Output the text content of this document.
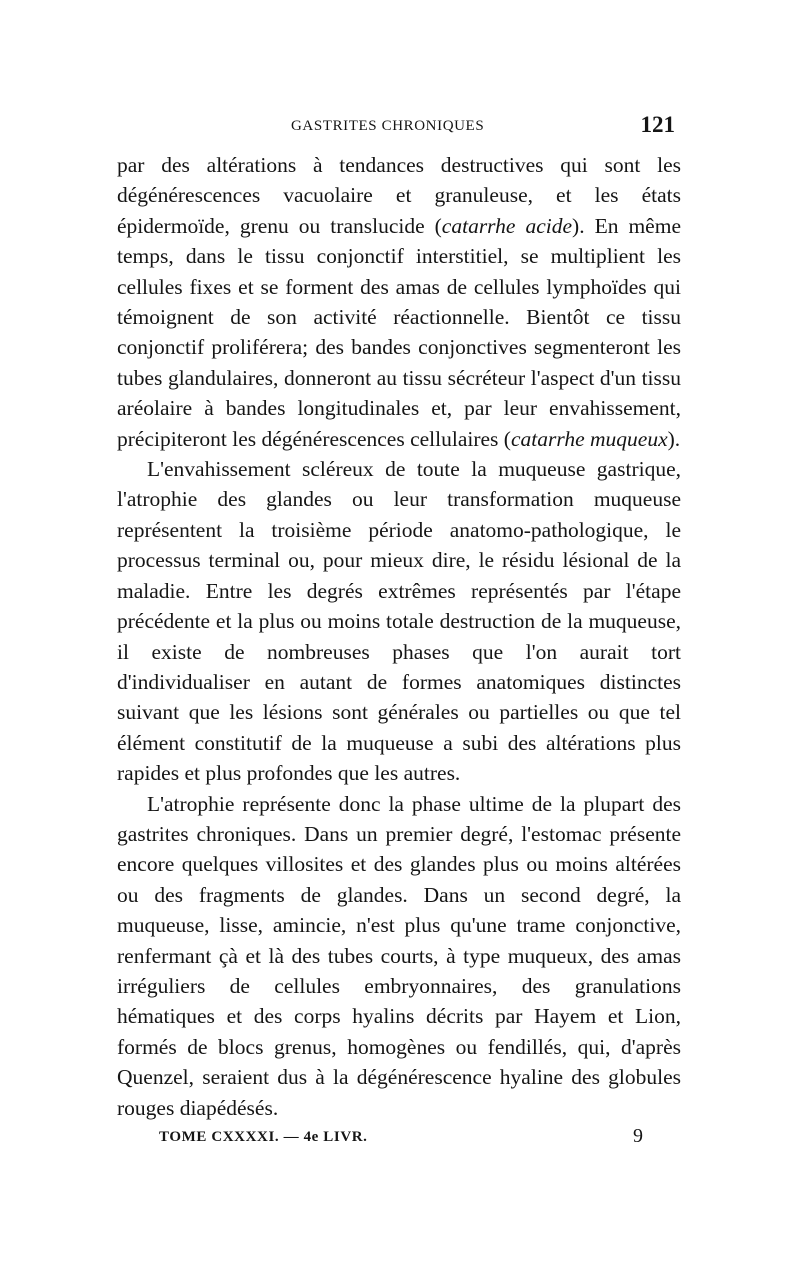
GASTRITES CHRONIQUES	121

par des altérations à tendances destructives qui sont les dégénérescences vacuolaire et granuleuse, et les états épidermoïde, grenu ou translucide (catarrhe acide). En même temps, dans le tissu conjonctif interstitiel, se multiplient les cellules fixes et se forment des amas de cellules lymphoïdes qui témoignent de son activité réactionnelle. Bientôt ce tissu conjonctif proliférera; des bandes conjonctives segmenteront les tubes glandulaires, donneront au tissu sécréteur l'aspect d'un tissu aréolaire à bandes longitudinales et, par leur envahissement, précipiteront les dégénérescences cellulaires (catarrhe muqueux).

L'envahissement scléreux de toute la muqueuse gastrique, l'atrophie des glandes ou leur transformation muqueuse représentent la troisième période anatomo-pathologique, le processus terminal ou, pour mieux dire, le résidu lésional de la maladie. Entre les degrés extrêmes représentés par l'étape précédente et la plus ou moins totale destruction de la muqueuse, il existe de nombreuses phases que l'on aurait tort d'individualiser en autant de formes anatomiques distinctes suivant que les lésions sont générales ou partielles ou que tel élément constitutif de la muqueuse a subi des altérations plus rapides et plus profondes que les autres.

L'atrophie représente donc la phase ultime de la plupart des gastrites chroniques. Dans un premier degré, l'estomac présente encore quelques villosites et des glandes plus ou moins altérées ou des fragments de glandes. Dans un second degré, la muqueuse, lisse, amincie, n'est plus qu'une trame conjonctive, renfermant çà et là des tubes courts, à type muqueux, des amas irréguliers de cellules embryonnaires, des granulations hématiques et des corps hyalins décrits par Hayem et Lion, formés de blocs grenus, homogènes ou fendillés, qui, d'après Quenzel, seraient dus à la dégénérescence hyaline des globules rouges diapédésés.

TOME CXXXXI. — 4e LIVR.	9
